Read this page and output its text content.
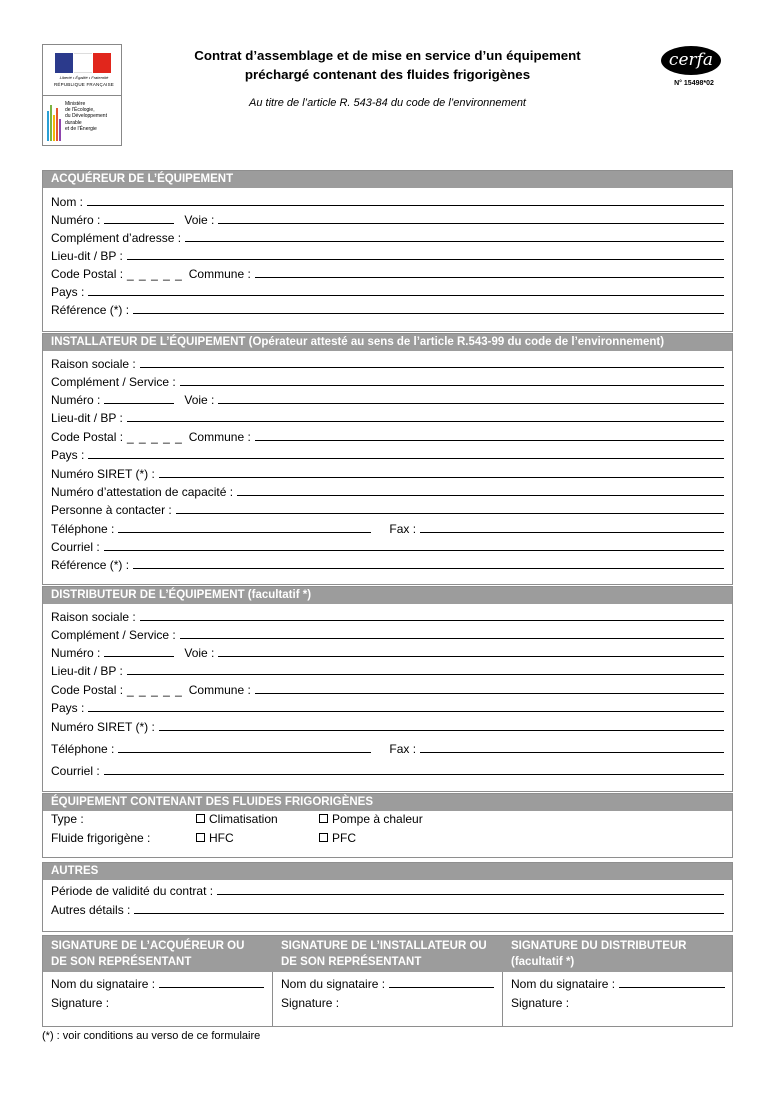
Liberté • Égalité • Fraternité
RÉPUBLIQUE FRANÇAISE
Ministère
de l'Écologie,
du Développement
durable
et de l'Énergie
Contrat d’assemblage et de mise en service d’un équipement
préchargé contenant des fluides frigorigènes
Au titre de l’article R. 543-84 du code de l’environnement
cerfa
N° 15498*02
ACQUÉREUR DE L’ÉQUIPEMENT
Nom :
Numéro :	Voie :
Complément d’adresse :
Lieu-dit / BP :
Code Postal : _ _ _ _ _ Commune :
Pays :
Référence (*) :
INSTALLATEUR DE L’ÉQUIPEMENT (Opérateur attesté au sens de l’article R.543-99 du code de l’environnement)
Raison sociale :
Complément / Service :
Numéro :	Voie :
Lieu-dit / BP :
Code Postal : _ _ _ _ _ Commune :
Pays :
Numéro SIRET (*) :
Numéro d’attestation de capacité :
Personne à contacter :
Téléphone :	Fax :
Courriel :
Référence (*) :
DISTRIBUTEUR DE L’ÉQUIPEMENT (facultatif *)
Raison sociale :
Complément / Service :
Numéro :	Voie :
Lieu-dit / BP :
Code Postal : _ _ _ _ _ Commune :
Pays :
Numéro SIRET (*) :
Téléphone :	Fax :
Courriel :
ÉQUIPEMENT CONTENANT DES FLUIDES FRIGORIGÈNES
Type :	Climatisation	Pompe à chaleur
Fluide frigorigène :	HFC	PFC
AUTRES
Période de validité du contrat :
Autres détails :
SIGNATURE DE L’ACQUÉREUR OU
DE SON REPRÉSENTANT
SIGNATURE DE L’INSTALLATEUR OU
DE SON REPRÉSENTANT
SIGNATURE DU DISTRIBUTEUR
(facultatif *)
Nom du signataire :
Signature :
Nom du signataire :
Signature :
Nom du signataire :
Signature :
(*) : voir conditions au verso de ce formulaire
